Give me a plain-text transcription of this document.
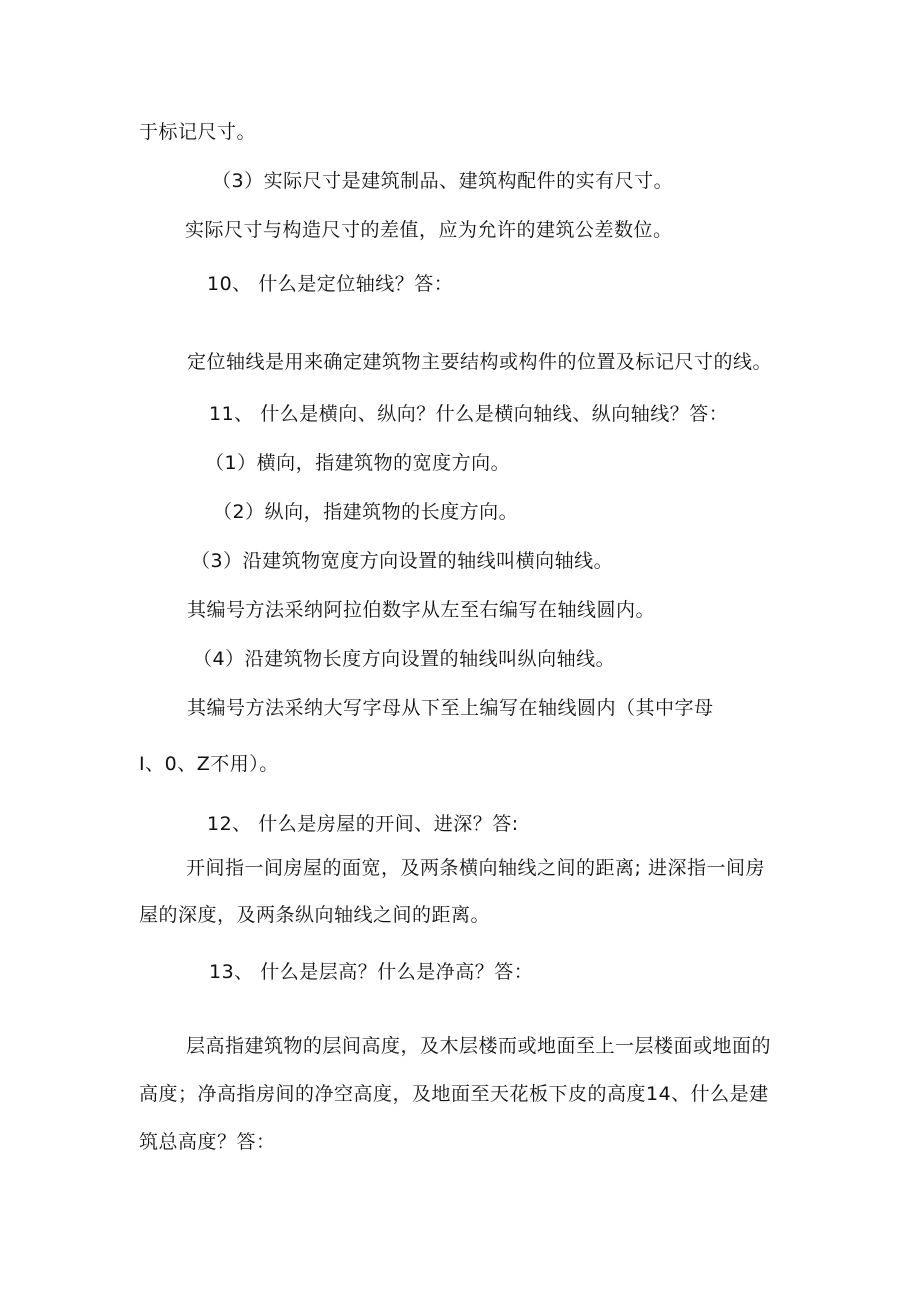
于标记尺寸。
（3）实际尺寸是建筑制品、建筑构配件的实有尺寸。
实际尺寸与构造尺寸的差值，应为允许的建筑公差数位。
10、 什么是定位轴线？答：
定位轴线是用来确定建筑物主要结构或构件的位置及标记尺寸的线。
11、 什么是横向、纵向？什么是横向轴线、纵向轴线？答：
（1）横向，指建筑物的宽度方向。
（2）纵向，指建筑物的长度方向。
（3）沿建筑物宽度方向设置的轴线叫横向轴线。
其编号方法采纳阿拉伯数字从左至右编写在轴线圆内。
（4）沿建筑物长度方向设置的轴线叫纵向轴线。
其编号方法采纳大写字母从下至上编写在轴线圆内（其中字母
I、0、Z不用）。
12、 什么是房屋的开间、进深？答:
开间指一间房屋的面宽，及两条横向轴线之间的距离; 进深指一间房
屋的深度，及两条纵向轴线之间的距离。
13、 什么是层高？什么是净高？答：
层高指建筑物的层间高度，及木层楼而或地面至上一层楼面或地面的
高度；净高指房间的净空高度，及地面至天花板下皮的高度14、什么是建
筑总高度？答：
